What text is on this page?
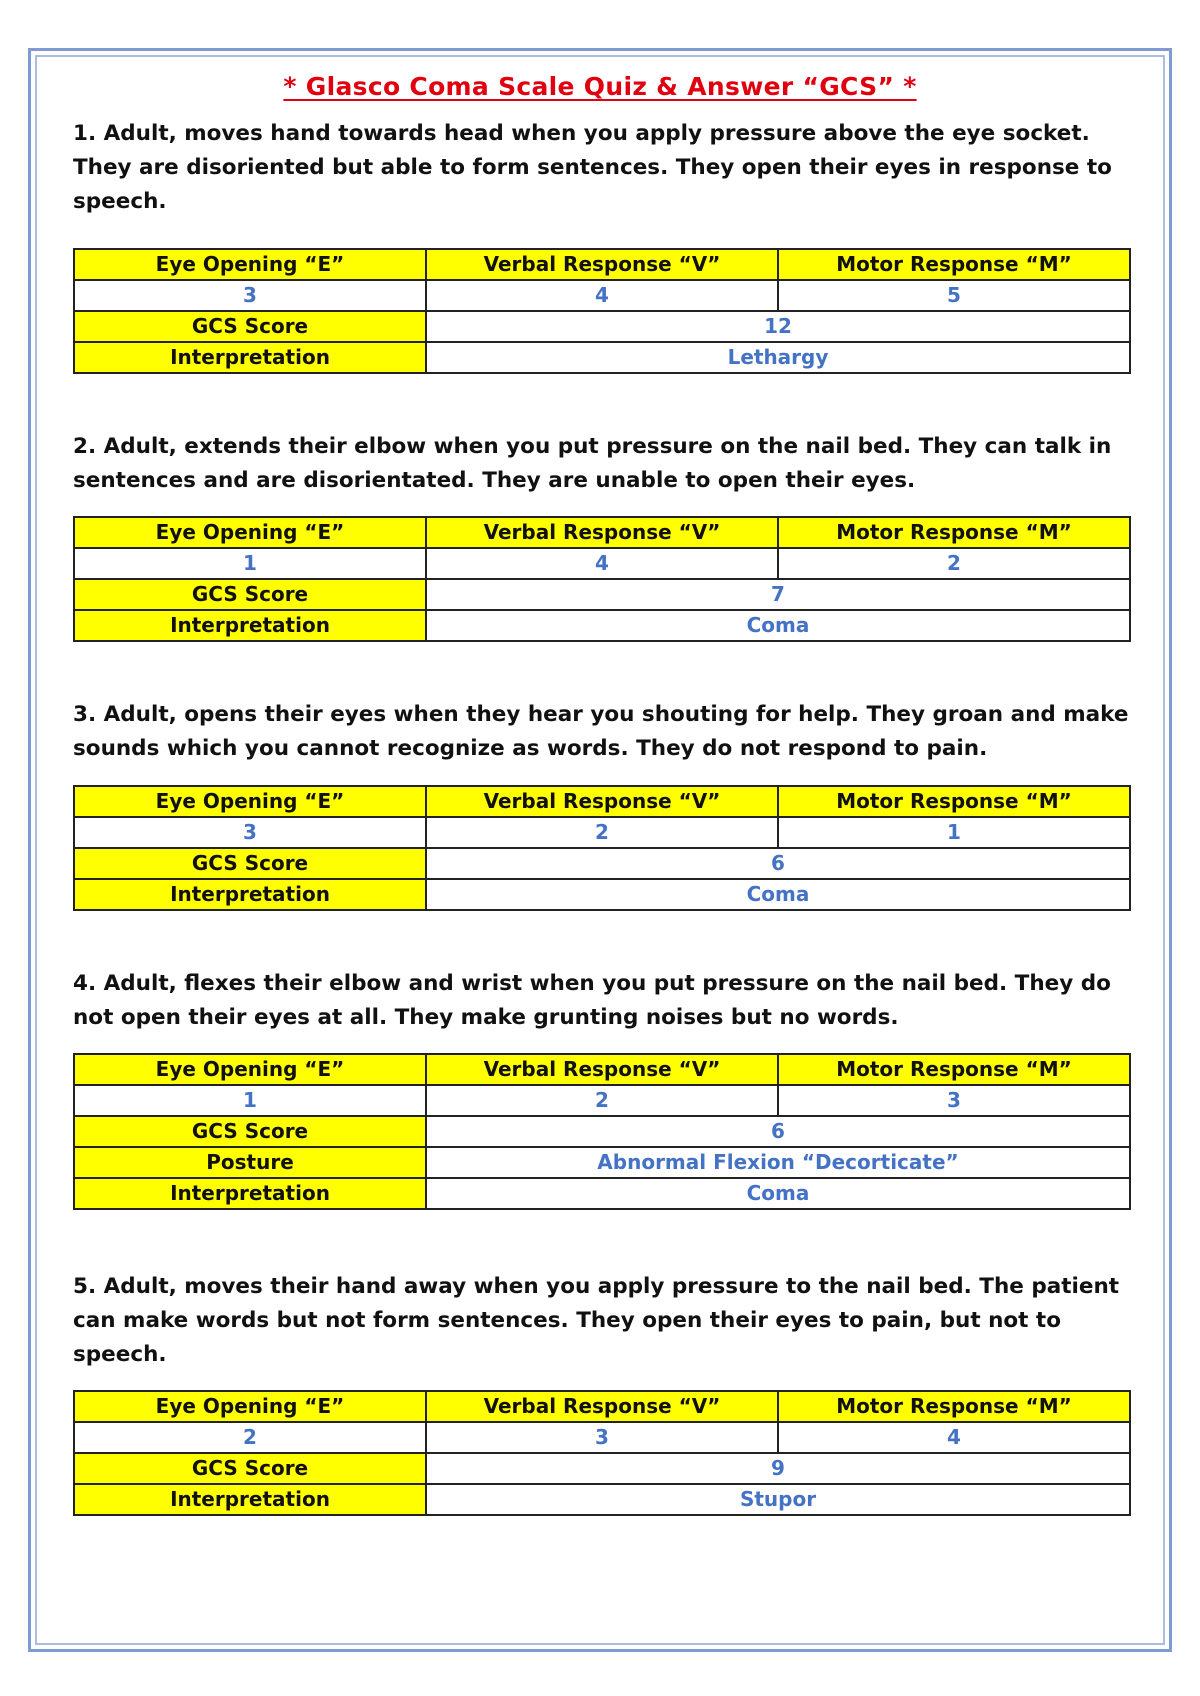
* Glasco Coma Scale Quiz & Answer “GCS” *
1. Adult, moves hand towards head when you apply pressure above the eye socket. They are disoriented but able to form sentences. They open their eyes in response to speech.
Eye Opening “E”	Verbal Response “V”	Motor Response “M”
3	4	5
GCS Score	12	
Interpretation	Lethargy	
2. Adult, extends their elbow when you put pressure on the nail bed. They can talk in sentences and are disorientated. They are unable to open their eyes.
Eye Opening “E”	Verbal Response “V”	Motor Response “M”
1	4	2
GCS Score	7	
Interpretation	Coma	
3. Adult, opens their eyes when they hear you shouting for help. They groan and make sounds which you cannot recognize as words. They do not respond to pain.
Eye Opening “E”	Verbal Response “V”	Motor Response “M”
3	2	1
GCS Score	6	
Interpretation	Coma	
4. Adult, flexes their elbow and wrist when you put pressure on the nail bed. They do not open their eyes at all. They make grunting noises but no words.
Eye Opening “E”	Verbal Response “V”	Motor Response “M”
1	2	3
GCS Score	6	
Posture	Abnormal Flexion “Decorticate”	
Interpretation	Coma	
5. Adult, moves their hand away when you apply pressure to the nail bed. The patient can make words but not form sentences. They open their eyes to pain, but not to speech.
Eye Opening “E”	Verbal Response “V”	Motor Response “M”
2	3	4
GCS Score	9	
Interpretation	Stupor	
